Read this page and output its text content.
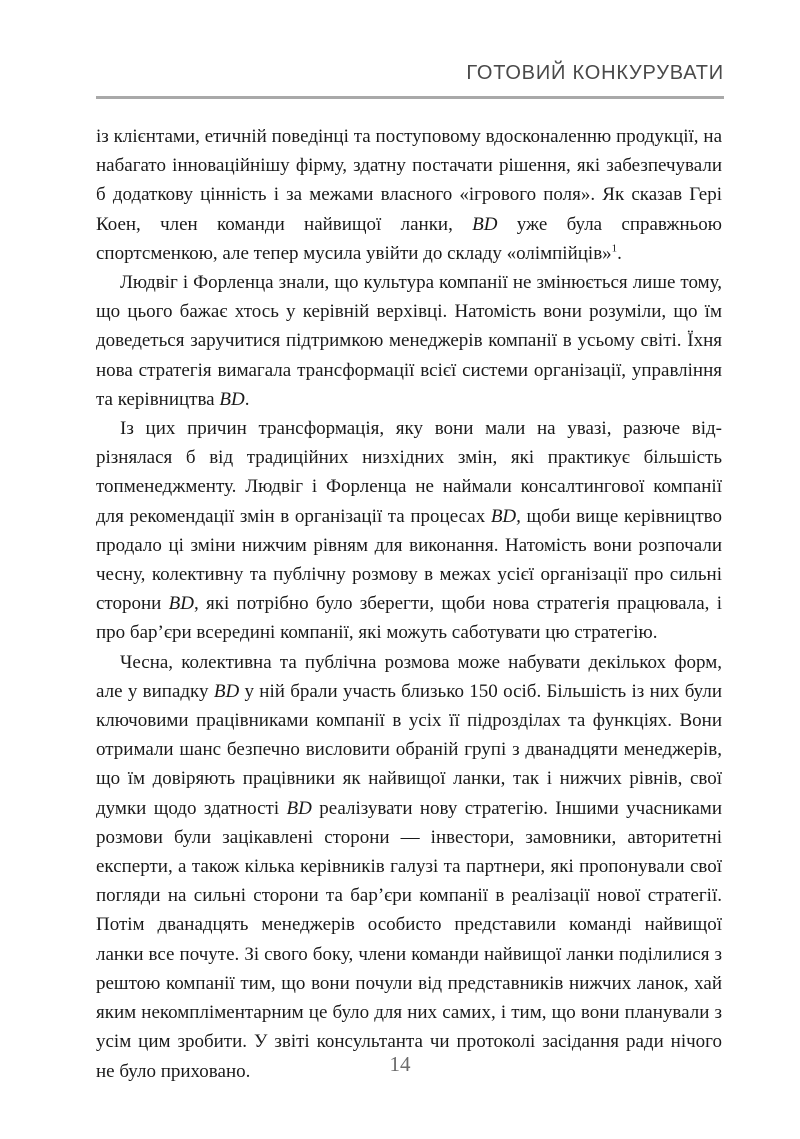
ГОТОВИЙ КОНКУРУВАТИ

із клієнтами, етичній поведінці та поступовому вдосконаленню продукції, на набагато інноваційнішу фірму, здатну постачати рішення, які забезпечували б додаткову цінність і за межами власного «ігрового поля». Як сказав Гері Коен, член команди найвищої ланки, BD уже була справжньою спортсменкою, але тепер мусила увійти до складу «олімпійців»$^1$.

Людвіг і Форленца знали, що культура компанії не змінюється лише тому, що цього бажає хтось у керівній верхівці. Натомість вони розуміли, що їм доведеться заручитися підтримкою менеджерів компанії в усьому світі. Їхня нова стратегія вимагала трансформації всієї системи організації, управління та керівництва BD.

Із цих причин трансформація, яку вони мали на увазі, разюче відрізнялася б від традиційних низхідних змін, які практикує більшість топменеджменту. Людвіг і Форленца не наймали консалтингової компанії для рекомендації змін в організації та процесах BD, щоби вище керівництво продало ці зміни нижчим рівням для виконання. Натомість вони розпочали чесну, колективну та публічну розмову в межах усієї організації про сильні сторони BD, які потрібно було зберегти, щоби нова стратегія працювала, і про бар’єри всередині компанії, які можуть саботувати цю стратегію.

Чесна, колективна та публічна розмова може набувати декількох форм, але у випадку BD у ній брали участь близько 150 осіб. Більшість із них були ключовими працівниками компанії в усіх її підрозділах та функціях. Вони отримали шанс безпечно висловити обраній групі з дванадцяти менеджерів, що їм довіряють працівники як найвищої ланки, так і нижчих рівнів, свої думки щодо здатності BD реалізувати нову стратегію. Іншими учасниками розмови були зацікавлені сторони — інвестори, замовники, авторитетні експерти, а також кілька керівників галузі та партнери, які пропонували свої погляди на сильні сторони та бар’єри компанії в реалізації нової стратегії. Потім дванадцять менеджерів особисто представили команді найвищої ланки все почуте. Зі свого боку, члени команди найвищої ланки поділилися з рештою компанії тим, що вони почули від представників нижчих ланок, хай яким некомпліментарним це було для них самих, і тим, що вони планували з усім цим зробити. У звіті консультанта чи протоколі засідання ради нічого не було приховано.	14
